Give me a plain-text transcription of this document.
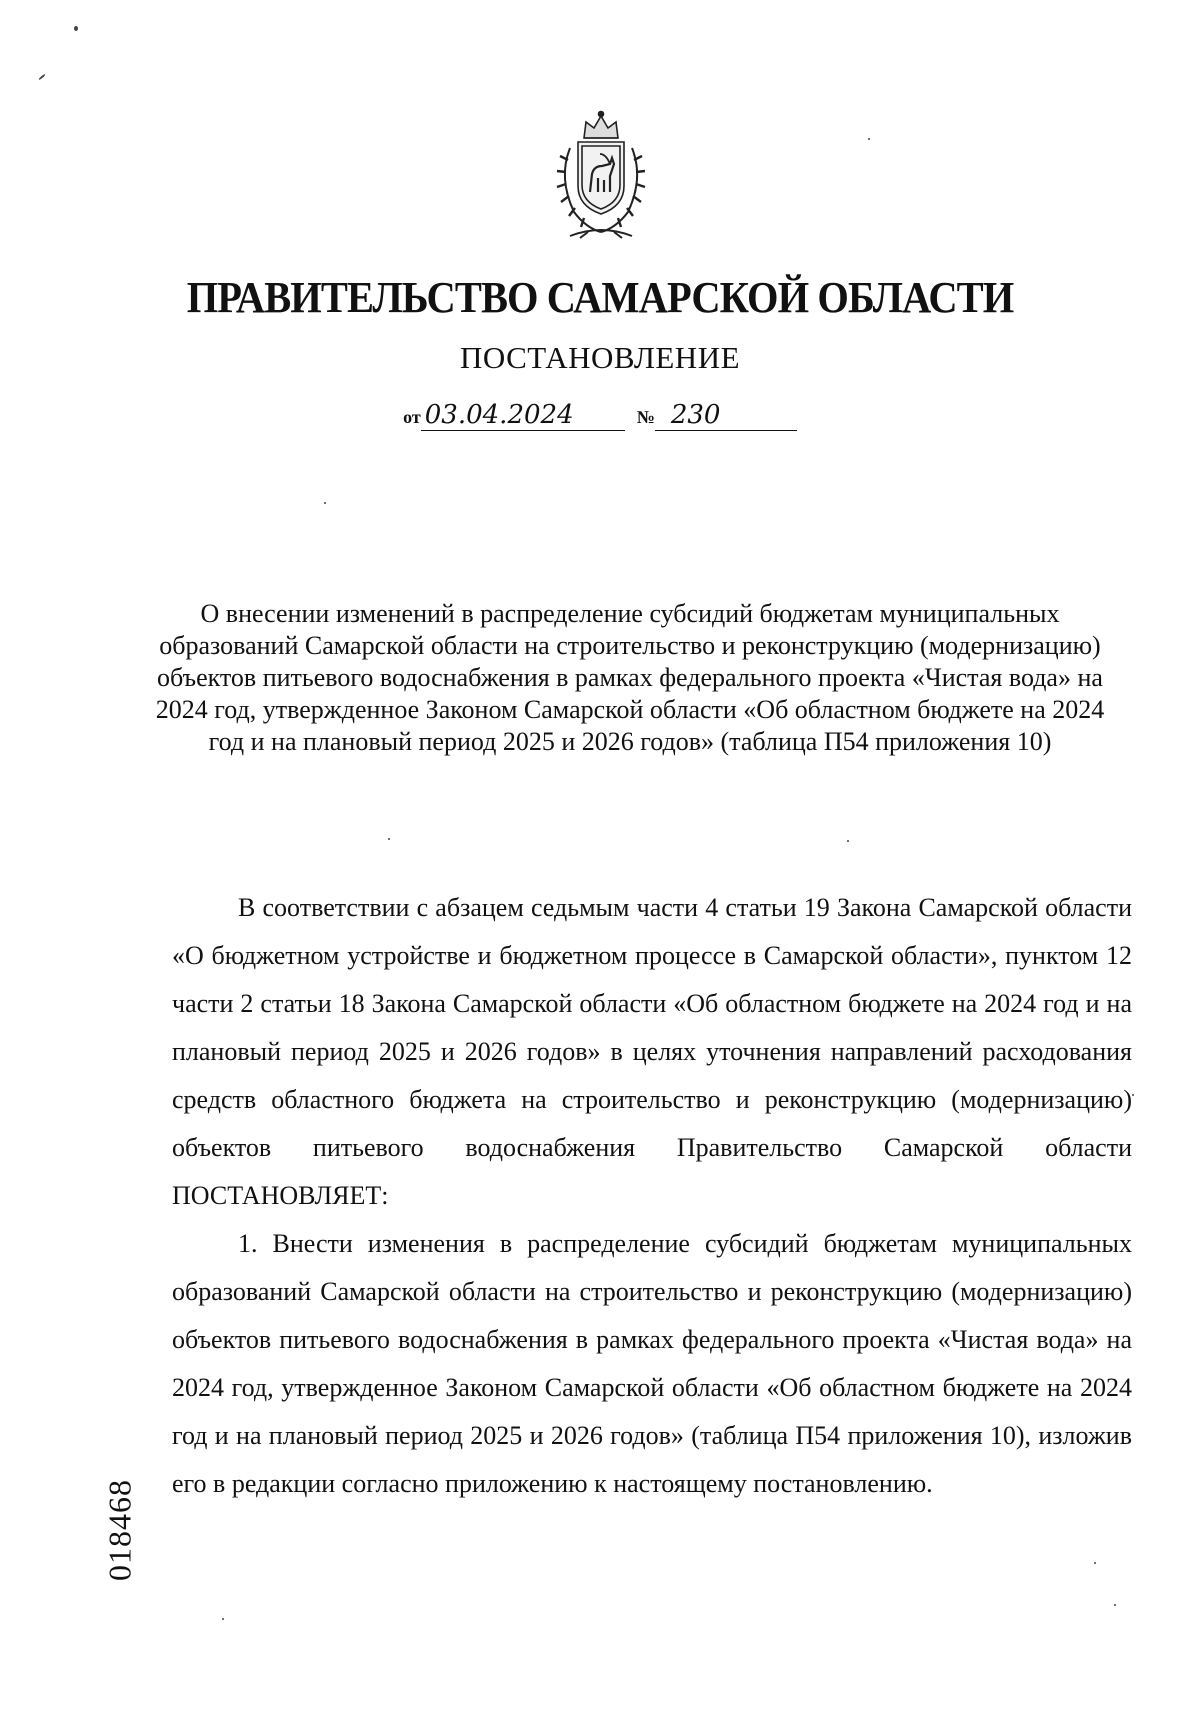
ПРАВИТЕЛЬСТВО САМАРСКОЙ ОБЛАСТИ
ПОСТАНОВЛЕНИЕ
от 03.04.2024	№ 230
О внесении изменений в распределение субсидий бюджетам муниципальных образований Самарской области на строительство и реконструкцию (модернизацию) объектов питьевого водоснабжения в рамках федерального проекта «Чистая вода» на 2024 год, утвержденное Законом Самарской области «Об областном бюджете на 2024 год и на плановый период 2025 и 2026 годов» (таблица П54 приложения 10)

В соответствии с абзацем седьмым части 4 статьи 19 Закона Самарской области «О бюджетном устройстве и бюджетном процессе в Самарской области», пунктом 12 части 2 статьи 18 Закона Самарской области «Об областном бюджете на 2024 год и на плановый период 2025 и 2026 годов» в целях уточнения направлений расходования средств областного бюджета на строительство и реконструкцию (модернизацию) объектов питьевого водоснабжения Правительство Самарской области ПОСТАНОВЛЯЕТ:

1. Внести изменения в распределение субсидий бюджетам муниципальных образований Самарской области на строительство и реконструкцию (модернизацию) объектов питьевого водоснабжения в рамках федерального проекта «Чистая вода» на 2024 год, утвержденное Законом Самарской области «Об областном бюджете на 2024 год и на плановый период 2025 и 2026 годов» (таблица П54 приложения 10), изложив его в редакции согласно приложению к настоящему постановлению.

018468
